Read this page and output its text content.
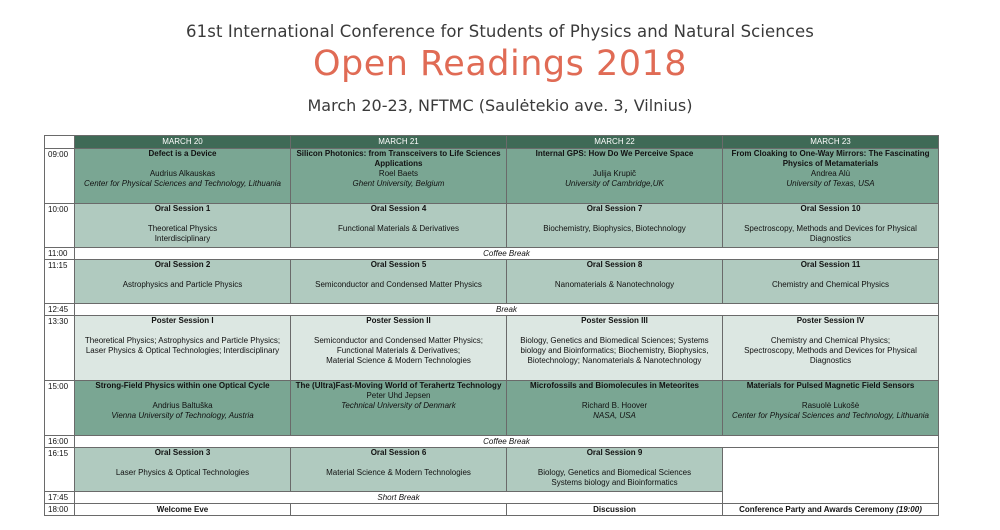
61st International Conference for Students of Physics and Natural Sciences
Open Readings 2018
March 20-23, NFTMC (Saulėtekio ave. 3, Vilnius)
	MARCH 20	MARCH 21	MARCH 22	MARCH 23
09:00	Defect is a Device
Audrius Alkauskas
Center for Physical Sciences and Technology, Lithuania	Silicon Photonics: from Transceivers to Life Sciences Applications
Roel Baets
Ghent University, Belgium	Internal GPS: How Do We Perceive Space
Julija Krupič
University of Cambridge,UK	From Cloaking to One-Way Mirrors: The Fascinating Physics of Metamaterials
Andrea Alù
University of Texas, USA

10:00	Oral Session 1
Theoretical Physics
Interdisciplinary	Oral Session 4
Functional Materials & Derivatives	Oral Session 7
Biochemistry, Biophysics, Biotechnology	Oral Session 10
Spectroscopy, Methods and Devices for Physical Diagnostics

11:00	Coffee Break			
11:15	Oral Session 2
Astrophysics and Particle Physics	Oral Session 5
Semiconductor and Condensed Matter Physics	Oral Session 8
Nanomaterials & Nanotechnology	Oral Session 11
Chemistry and Chemical Physics

12:45	Break			
13:30	Poster Session I
Theoretical Physics; Astrophysics and Particle Physics;
Laser Physics & Optical Technologies; Interdisciplinary	Poster Session II
Semiconductor and Condensed Matter Physics;
Functional Materials & Derivatives;
Material Science & Modern Technologies	Poster Session III
Biology, Genetics and Biomedical Sciences; Systems
biology and Bioinformatics; Biochemistry, Biophysics,
Biotechnology; Nanomaterials & Nanotechnology	Poster Session IV
Chemistry and Chemical Physics;
Spectroscopy, Methods and Devices for Physical
Diagnostics

15:00	Strong-Field Physics within one Optical Cycle
Andrius Baltuška
Vienna University of Technology, Austria	The (Ultra)Fast-Moving World of Terahertz Technology
Peter Uhd Jepsen
Technical University of Denmark	Microfossils and Biomolecules in Meteorites
Richard B. Hoover
NASA, USA	Materials for Pulsed Magnetic Field Sensors
Rasuolė Lukošė
Center for Physical Sciences and Technology, Lithuania

16:00	Coffee Break			
16:15	Oral Session 3
Laser Physics & Optical Technologies	Oral Session 6
Material Science & Modern Technologies	Oral Session 9
Biology, Genetics and Biomedical Sciences
Systems biology and Bioinformatics	

17:45	Short Break			
18:00	Welcome Eve		Discussion	Conference Party and Awards Ceremony (19:00)
